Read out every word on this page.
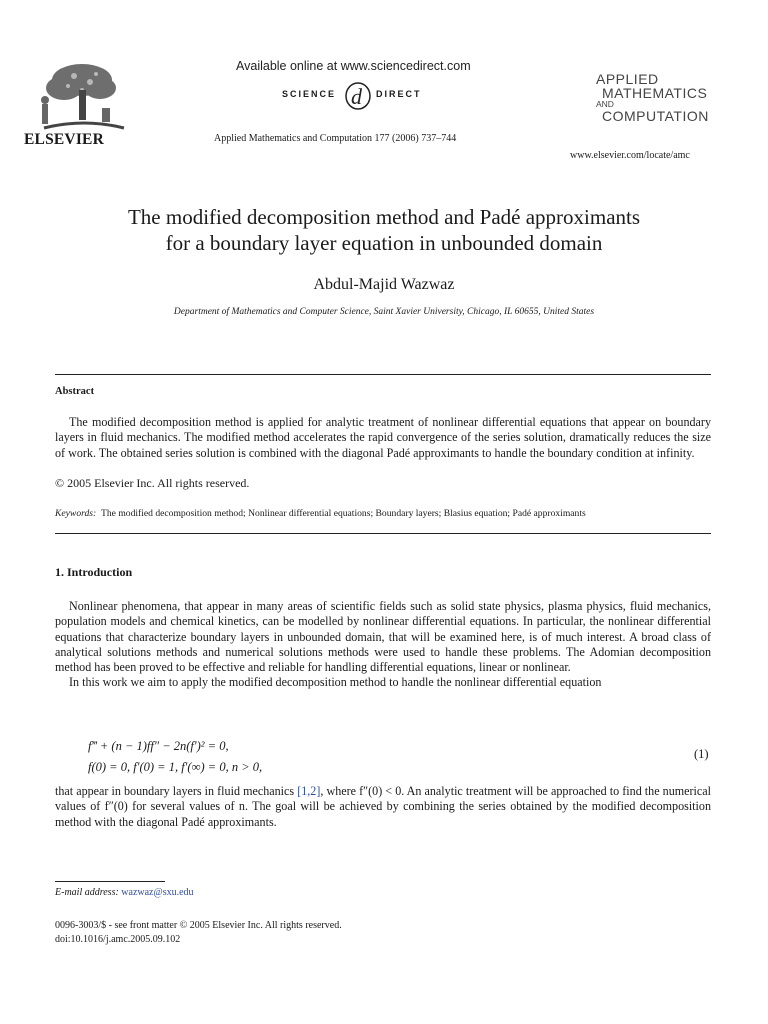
ELSEVIER
Available online at www.sciencedirect.com
SCIENCE d DIRECT
Applied Mathematics and Computation 177 (2006) 737–744
APPLIED
MATHEMATICS
AND
COMPUTATION
www.elsevier.com/locate/amc
The modified decomposition method and Padé approximants
for a boundary layer equation in unbounded domain
Abdul-Majid Wazwaz
Department of Mathematics and Computer Science, Saint Xavier University, Chicago, IL 60655, United States
Abstract

The modified decomposition method is applied for analytic treatment of nonlinear differential equations that appear on boundary layers in fluid mechanics. The modified method accelerates the rapid convergence of the series solution, dramatically reduces the size of work. The obtained series solution is combined with the diagonal Padé approximants to handle the boundary condition at infinity.

© 2005 Elsevier Inc. All rights reserved.
Keywords: The modified decomposition method; Nonlinear differential equations; Boundary layers; Blasius equation; Padé approximants
1. Introduction

Nonlinear phenomena, that appear in many areas of scientific fields such as solid state physics, plasma physics, fluid mechanics, population models and chemical kinetics, can be modelled by nonlinear differential equations. In particular, the nonlinear differential equations that characterize boundary layers in unbounded domain, that will be examined here, is of much interest. A broad class of analytical solutions methods and numerical solutions methods were used to handle these problems. The Adomian decomposition method has been proved to be effective and reliable for handling differential equations, linear or nonlinear.

In this work we aim to apply the modified decomposition method to handle the nonlinear differential equation

f‴ + (n − 1)ff″ − 2n(f′)² = 0,
f(0) = 0, f′(0) = 1, f′(∞) = 0, n > 0,
(1)

that appear in boundary layers in fluid mechanics [1,2], where f″(0) < 0. An analytic treatment will be approached to find the numerical values of f″(0) for several values of n. The goal will be achieved by combining the series obtained by the modified decomposition method with the diagonal Padé approximants.

E-mail address: wazwaz@sxu.edu
0096-3003/$ - see front matter © 2005 Elsevier Inc. All rights reserved.
doi:10.1016/j.amc.2005.09.102
